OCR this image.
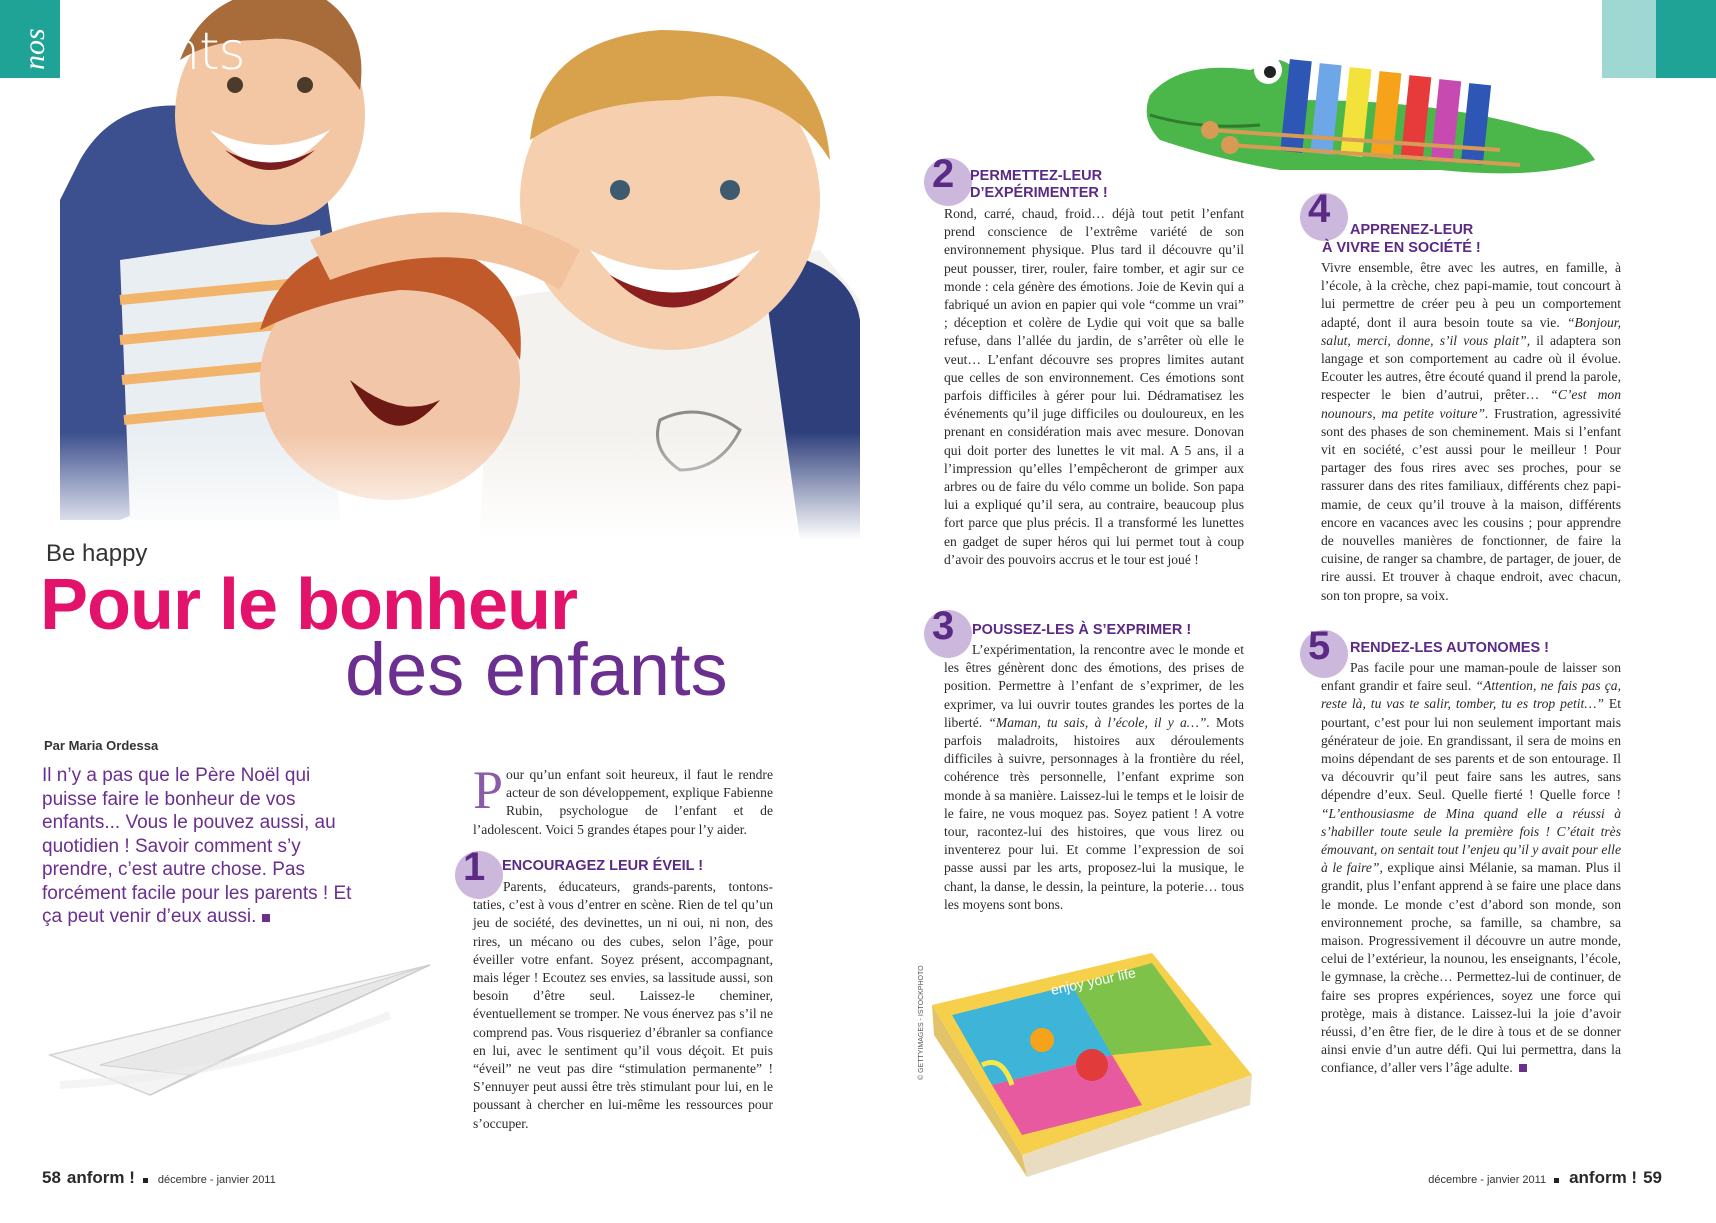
nos enfants
Be happy
Pour le bonheur
des enfants
Par Maria Ordessa
Il n’y a pas que le Père Noël qui puisse faire le bonheur de vos enfants... Vous le pouvez aussi, au quotidien ! Savoir comment s’y prendre, c’est autre chose. Pas forcément facile pour les parents ! Et ça peut venir d’eux aussi.
Pour qu’un enfant soit heureux, il faut le rendre acteur de son développement, explique Fabienne Rubin, psychologue de l’enfant et de l’adolescent. Voici 5 grandes étapes pour l’y aider.
1 ENCOURAGEZ LEUR ÉVEIL !
Parents, éducateurs, grands-parents, tontons-taties, c’est à vous d’entrer en scène. Rien de tel qu’un jeu de société, des devinettes, un ni oui, ni non, des rires, un mécano ou des cubes, selon l’âge, pour éveiller votre enfant. Soyez présent, accompagnant, mais léger ! Ecoutez ses envies, sa lassitude aussi, son besoin d’être seul. Laissez-le cheminer, éventuellement se tromper. Ne vous énervez pas s’il ne comprend pas. Vous risqueriez d’ébranler sa confiance en lui, avec le sentiment qu’il vous déçoit. Et puis “éveil” ne veut pas dire “stimulation permanente” ! S’ennuyer peut aussi être très stimulant pour lui, en le poussant à chercher en lui-même les ressources pour s’occuper.
2 PERMETTEZ-LEUR
D’EXPÉRIMENTER !
Rond, carré, chaud, froid… déjà tout petit l’enfant prend conscience de l’extrême variété de son environnement physique. Plus tard il découvre qu’il peut pousser, tirer, rouler, faire tomber, et agir sur ce monde : cela génère des émotions. Joie de Kevin qui a fabriqué un avion en papier qui vole “comme un vrai” ; déception et colère de Lydie qui voit que sa balle refuse, dans l’allée du jardin, de s’arrêter où elle le veut… L’enfant découvre ses propres limites autant que celles de son environnement. Ces émotions sont parfois difficiles à gérer pour lui. Dédramatisez les événements qu’il juge difficiles ou douloureux, en les prenant en considération mais avec mesure. Donovan qui doit porter des lunettes le vit mal. A 5 ans, il a l’impression qu’elles l’empêcheront de grimper aux arbres ou de faire du vélo comme un bolide. Son papa lui a expliqué qu’il sera, au contraire, beaucoup plus fort parce que plus précis. Il a transformé les lunettes en gadget de super héros qui lui permet tout à coup d’avoir des pouvoirs accrus et le tour est joué !
3 POUSSEZ-LES À S’EXPRIMER !
L’expérimentation, la rencontre avec le monde et les êtres génèrent donc des émotions, des prises de position. Permettre à l’enfant de s’exprimer, de les exprimer, va lui ouvrir toutes grandes les portes de la liberté. “Maman, tu sais, à l’école, il y a…”. Mots parfois maladroits, histoires aux déroulements difficiles à suivre, personnages à la frontière du réel, cohérence très personnelle, l’enfant exprime son monde à sa manière. Laissez-lui le temps et le loisir de le faire, ne vous moquez pas. Soyez patient ! A votre tour, racontez-lui des histoires, que vous lirez ou inventerez pour lui. Et comme l’expression de soi passe aussi par les arts, proposez-lui la musique, le chant, la danse, le dessin, la peinture, la poterie… tous les moyens sont bons.
enjoy your life
© GETTYIMAGES - ISTOCKPHOTO
4 APPRENEZ-LEUR
À VIVRE EN SOCIÉTÉ !
Vivre ensemble, être avec les autres, en famille, à l’école, à la crèche, chez papi-mamie, tout concourt à lui permettre de créer peu à peu un comportement adapté, dont il aura besoin toute sa vie. “Bonjour, salut, merci, donne, s’il vous plait”, il adaptera son langage et son comportement au cadre où il évolue. Ecouter les autres, être écouté quand il prend la parole, respecter le bien d’autrui, prêter… “C’est mon nounours, ma petite voiture”. Frustration, agressivité sont des phases de son cheminement. Mais si l’enfant vit en société, c’est aussi pour le meilleur ! Pour partager des fous rires avec ses proches, pour se rassurer dans des rites familiaux, différents chez papi-mamie, de ceux qu’il trouve à la maison, différents encore en vacances avec les cousins ; pour apprendre de nouvelles manières de fonctionner, de faire la cuisine, de ranger sa chambre, de partager, de jouer, de rire aussi. Et trouver à chaque endroit, avec chacun, son ton propre, sa voix.
5 RENDEZ-LES AUTONOMES !
Pas facile pour une maman-poule de laisser son enfant grandir et faire seul. “Attention, ne fais pas ça, reste là, tu vas te salir, tomber, tu es trop petit…” Et pourtant, c’est pour lui non seulement important mais générateur de joie. En grandissant, il sera de moins en moins dépendant de ses parents et de son entourage. Il va découvrir qu’il peut faire sans les autres, sans dépendre d’eux. Seul. Quelle fierté ! Quelle force ! “L’enthousiasme de Mina quand elle a réussi à s’habiller toute seule la première fois ! C’était très émouvant, on sentait tout l’enjeu qu’il y avait pour elle à le faire”, explique ainsi Mélanie, sa maman. Plus il grandit, plus l’enfant apprend à se faire une place dans le monde. Le monde c’est d’abord son monde, son environnement proche, sa famille, sa chambre, sa maison. Progressivement il découvre un autre monde, celui de l’extérieur, la nounou, les enseignants, l’école, le gymnase, la crèche… Permettez-lui de continuer, de faire ses propres expériences, soyez une force qui protège, mais à distance. Laissez-lui la joie d’avoir réussi, d’en être fier, de le dire à tous et de se donner ainsi envie d’un autre défi. Qui lui permettra, dans la confiance, d’aller vers l’âge adulte.
58 anform ! décembre - janvier 2011	décembre - janvier 2011 anform ! 59
